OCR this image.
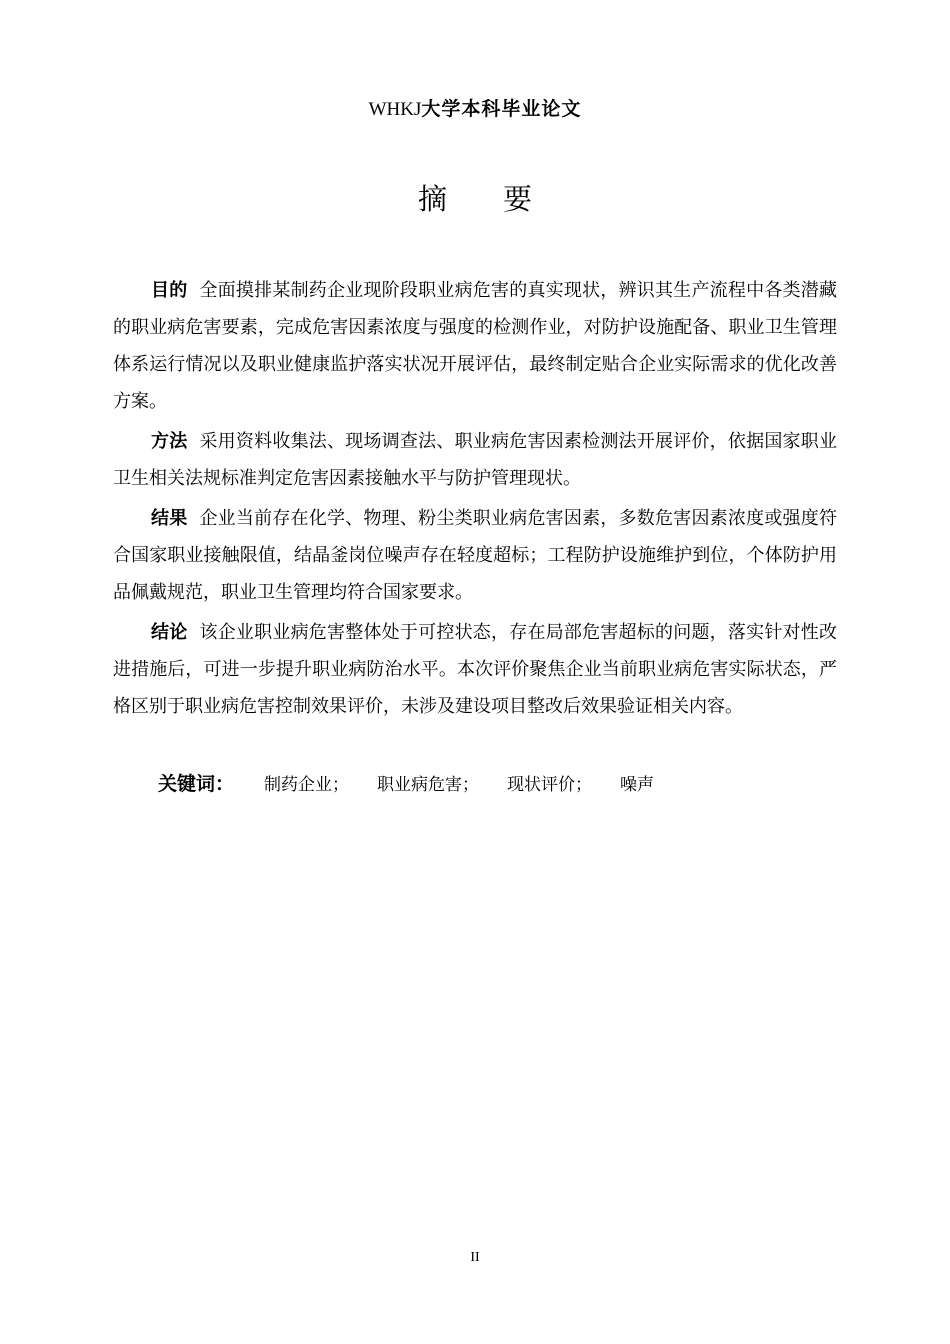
WHKJ大学本科毕业论文
摘 要

目的 全面摸排某制药企业现阶段职业病危害的真实现状，辨识其生产流程中各类潜藏的职业病危害要素，完成危害因素浓度与强度的检测作业，对防护设施配备、职业卫生管理体系运行情况以及职业健康监护落实状况开展评估，最终制定贴合企业实际需求的优化改善方案。

方法 采用资料收集法、现场调查法、职业病危害因素检测法开展评价，依据国家职业卫生相关法规标准判定危害因素接触水平与防护管理现状。

结果 企业当前存在化学、物理、粉尘类职业病危害因素，多数危害因素浓度或强度符合国家职业接触限值，结晶釜岗位噪声存在轻度超标；工程防护设施维护到位，个体防护用品佩戴规范，职业卫生管理均符合国家要求。

结论 该企业职业病危害整体处于可控状态，存在局部危害超标的问题，落实针对性改进措施后，可进一步提升职业病防治水平。本次评价聚焦企业当前职业病危害实际状态，严格区别于职业病危害控制效果评价，未涉及建设项目整改后效果验证相关内容。

关键词： 制药企业； 职业病危害； 现状评价； 噪声
II
